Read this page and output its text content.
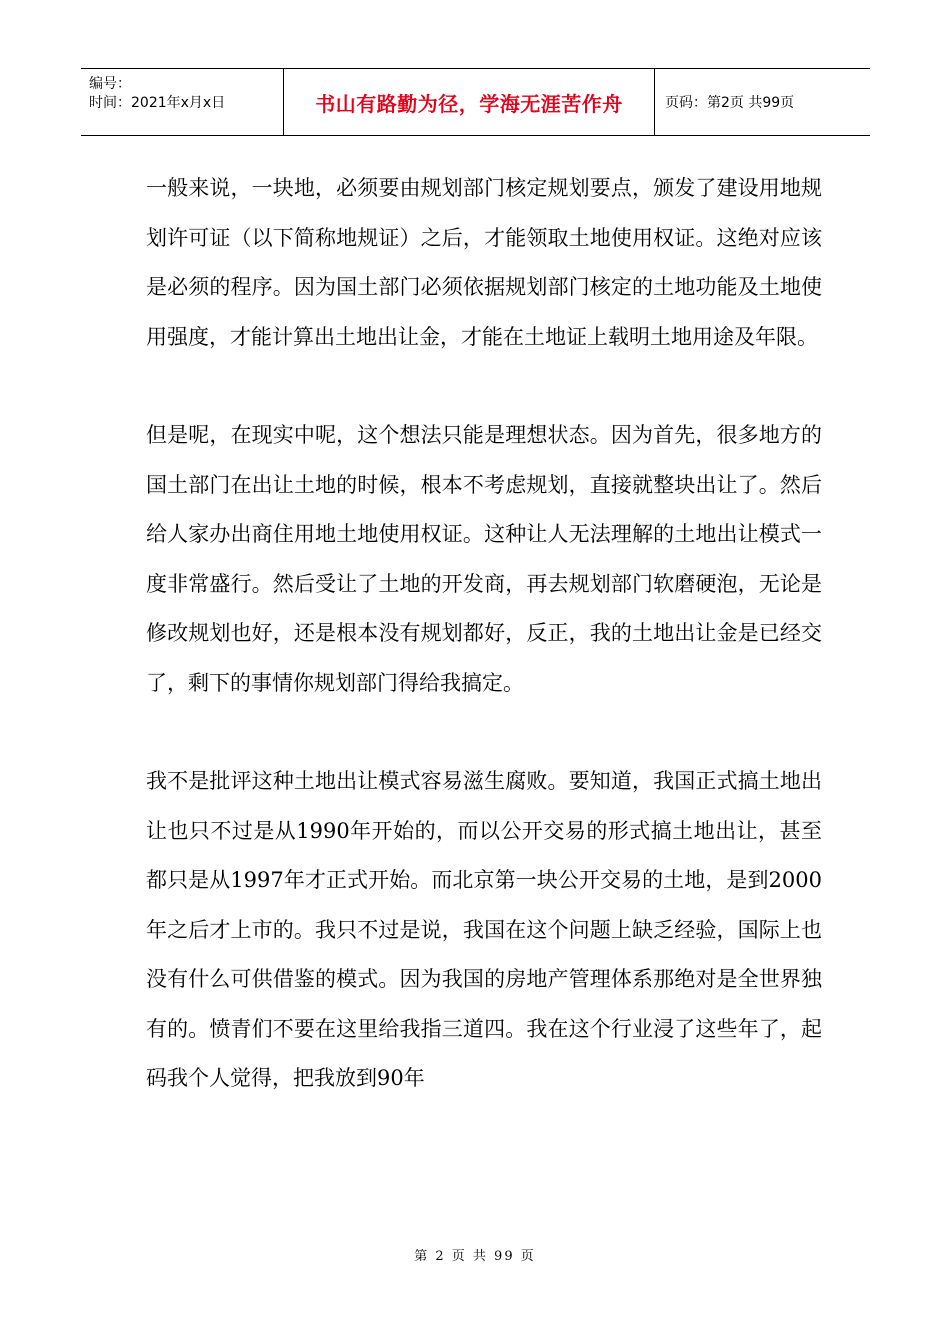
编号：
时间：2021年x月x日	书山有路勤为径，学海无涯苦作舟	页码：第2页 共99页

一般来说，一块地，必须要由规划部门核定规划要点，颁发了建设用地规划许可证（以下简称地规证）之后，才能领取土地使用权证。这绝对应该是必须的程序。因为国土部门必须依据规划部门核定的土地功能及土地使用强度，才能计算出土地出让金，才能在土地证上载明土地用途及年限。

但是呢，在现实中呢，这个想法只能是理想状态。因为首先，很多地方的国土部门在出让土地的时候，根本不考虑规划，直接就整块出让了。然后给人家办出商住用地土地使用权证。这种让人无法理解的土地出让模式一度非常盛行。然后受让了土地的开发商，再去规划部门软磨硬泡，无论是修改规划也好，还是根本没有规划都好，反正，我的土地出让金是已经交了，剩下的事情你规划部门得给我搞定。

我不是批评这种土地出让模式容易滋生腐败。要知道，我国正式搞土地出让也只不过是从1990年开始的，而以公开交易的形式搞土地出让，甚至都只是从1997年才正式开始。而北京第一块公开交易的土地，是到2000年之后才上市的。我只不过是说，我国在这个问题上缺乏经验，国际上也没有什么可供借鉴的模式。因为我国的房地产管理体系那绝对是全世界独有的。愤青们不要在这里给我指三道四。我在这个行业浸了这些年了，起码我个人觉得，把我放到90年

第 2 页 共 99 页
